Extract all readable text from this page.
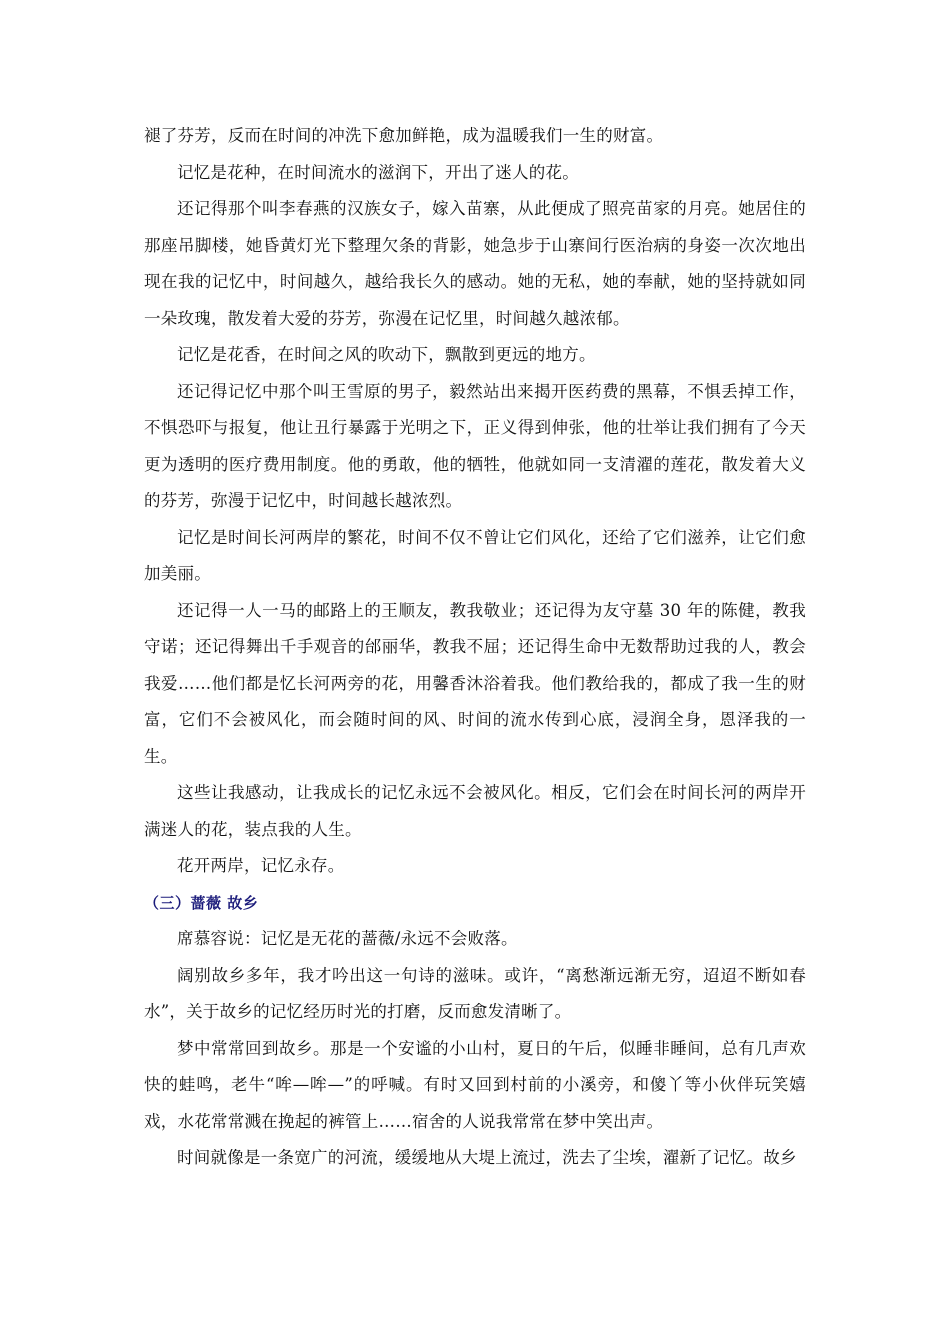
褪了芬芳，反而在时间的冲洗下愈加鲜艳，成为温暖我们一生的财富。

记忆是花种，在时间流水的滋润下，开出了迷人的花。

还记得那个叫李春燕的汉族女子，嫁入苗寨，从此便成了照亮苗家的月亮。她居住的那座吊脚楼，她昏黄灯光下整理欠条的背影，她急步于山寨间行医治病的身姿一次次地出现在我的记忆中，时间越久，越给我长久的感动。她的无私，她的奉献，她的坚持就如同一朵玫瑰，散发着大爱的芬芳，弥漫在记忆里，时间越久越浓郁。

记忆是花香，在时间之风的吹动下，飘散到更远的地方。

还记得记忆中那个叫王雪原的男子，毅然站出来揭开医药费的黑幕，不惧丢掉工作，不惧恐吓与报复，他让丑行暴露于光明之下，正义得到伸张，他的壮举让我们拥有了今天更为透明的医疗费用制度。他的勇敢，他的牺牲，他就如同一支清濯的莲花，散发着大义的芬芳，弥漫于记忆中，时间越长越浓烈。

记忆是时间长河两岸的繁花，时间不仅不曾让它们风化，还给了它们滋养，让它们愈加美丽。

还记得一人一马的邮路上的王顺友，教我敬业；还记得为友守墓 30 年的陈健，教我守诺；还记得舞出千手观音的邰丽华，教我不屈；还记得生命中无数帮助过我的人，教会我爱……他们都是忆长河两旁的花，用馨香沐浴着我。他们教给我的，都成了我一生的财富，它们不会被风化，而会随时间的风、时间的流水传到心底，浸润全身，恩泽我的一生。

这些让我感动，让我成长的记忆永远不会被风化。相反，它们会在时间长河的两岸开满迷人的花，装点我的人生。

花开两岸，记忆永存。

（三）蔷薇 故乡

席慕容说：记忆是无花的蔷薇/永远不会败落。

阔别故乡多年，我才吟出这一句诗的滋味。或许，“离愁渐远渐无穷，迢迢不断如春水”，关于故乡的记忆经历时光的打磨，反而愈发清晰了。

梦中常常回到故乡。那是一个安谧的小山村，夏日的午后，似睡非睡间，总有几声欢快的蛙鸣，老牛“哞—哞—”的呼喊。有时又回到村前的小溪旁，和傻丫等小伙伴玩笑嬉戏，水花常常溅在挽起的裤管上……宿舍的人说我常常在梦中笑出声。

时间就像是一条宽广的河流，缓缓地从大堤上流过，洗去了尘埃，濯新了记忆。故乡
